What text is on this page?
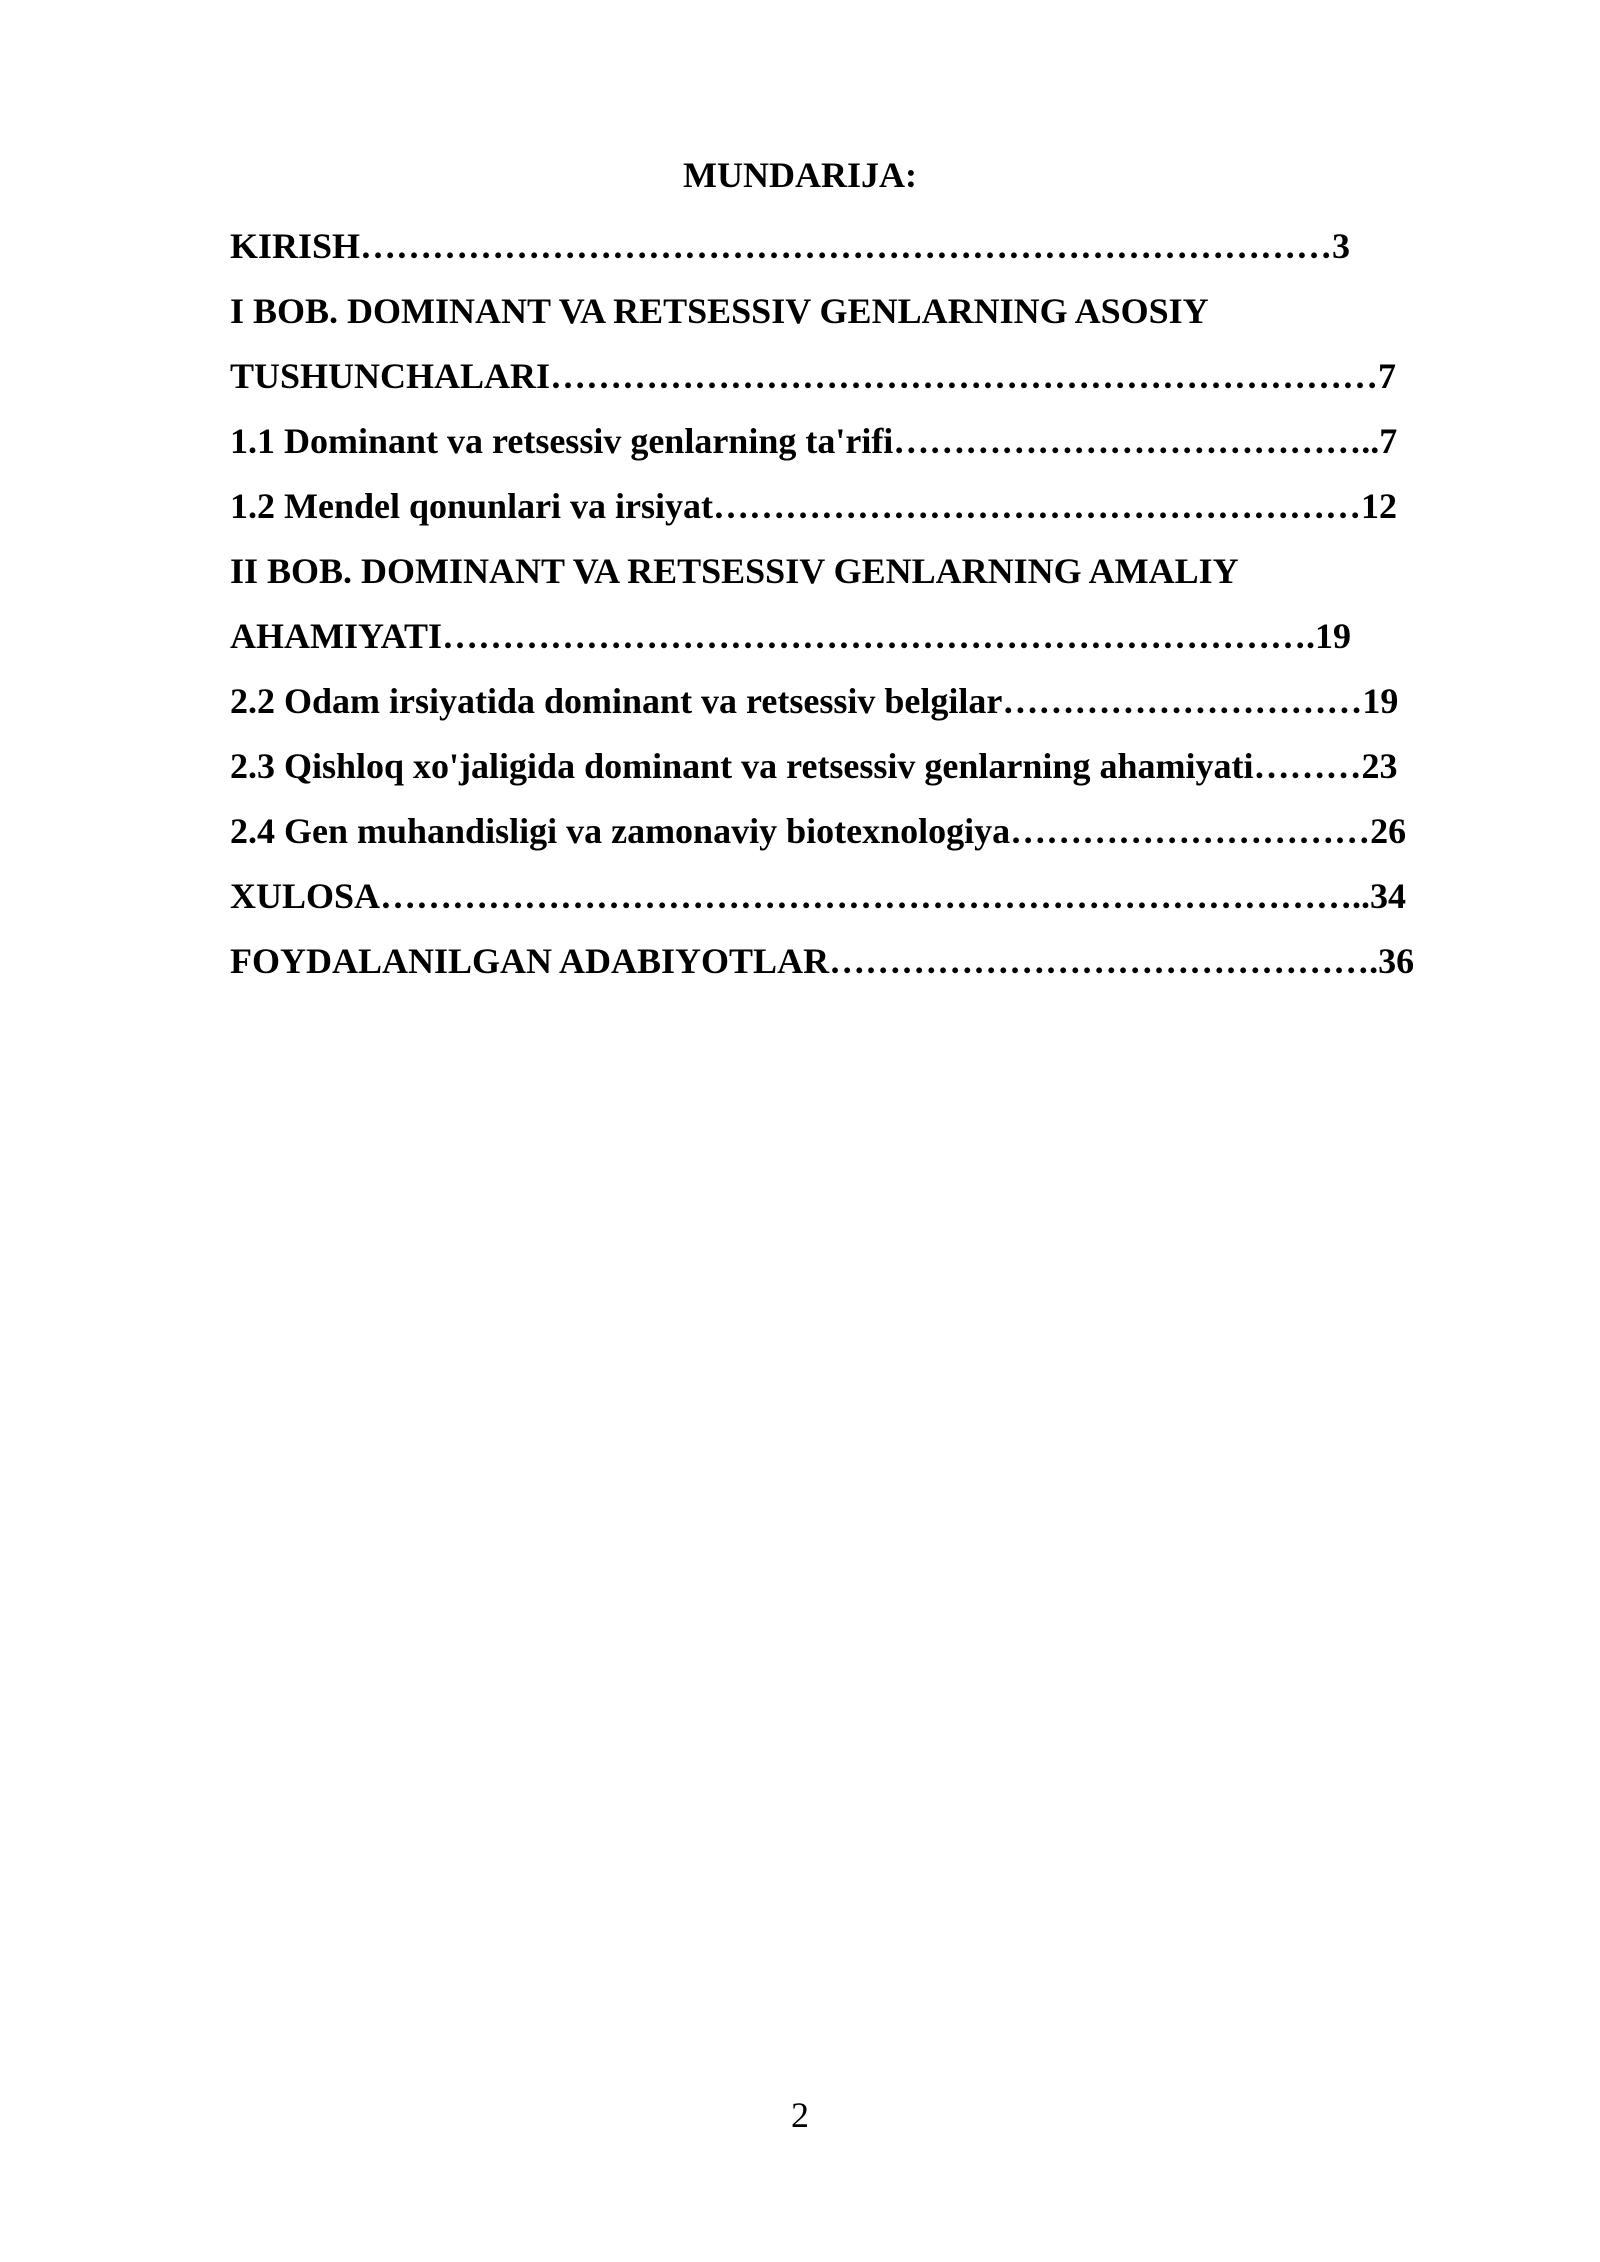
MUNDARIJA:
KIRISH………………………………………………………………………3
I BOB. DOMINANT VA RETSESSIV GENLARNING ASOSIY
TUSHUNCHALARI……………………………………………………………7
1.1 Dominant va retsessiv genlarning ta'rifi…………………………………..7
1.2 Mendel qonunlari va irsiyat………………………………………………12
II BOB. DOMINANT VA RETSESSIV GENLARNING AMALIY
AHAMIYATI……………………………………………………………….19
2.2 Odam irsiyatida dominant va retsessiv belgilar…………………………19
2.3 Qishloq xo'jaligida dominant va retsessiv genlarning ahamiyati………23
2.4 Gen muhandisligi va zamonaviy biotexnologiya…………………………26
XULOSA………………………………………………………………………..34
FOYDALANILGAN ADABIYOTLAR……………………………………….36
2
